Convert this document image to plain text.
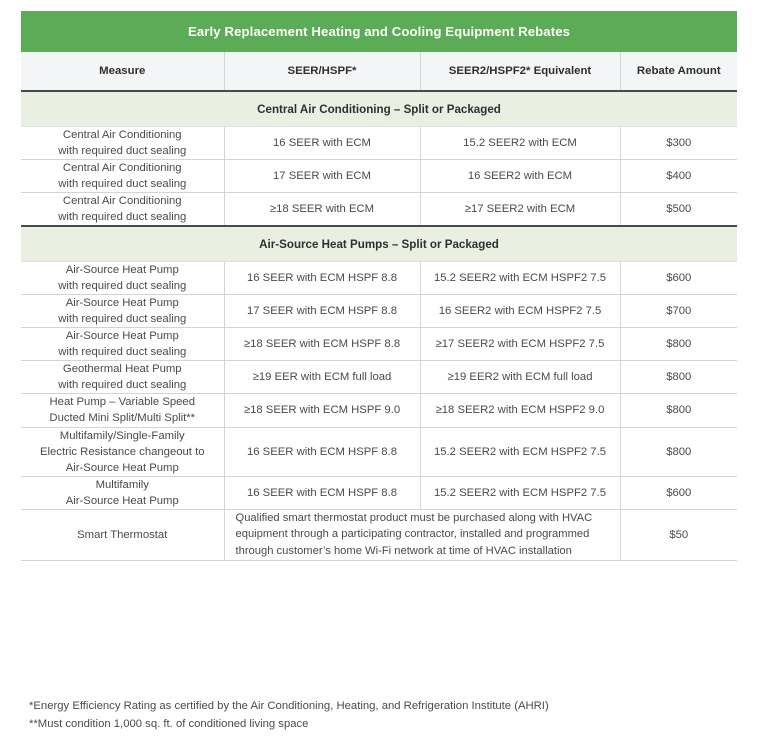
Early Replacement Heating and Cooling Equipment Rebates			
Measure	SEER/HSPF*	SEER2/HSPF2* Equivalent	Rebate Amount
Central Air Conditioning – Split or Packaged			

Central Air Conditioning
with required duct sealing	16 SEER with ECM	15.2 SEER2 with ECM	$300

Central Air Conditioning
with required duct sealing	17 SEER with ECM	16 SEER2 with ECM	$400

Central Air Conditioning
with required duct sealing	≥18 SEER with ECM	≥17 SEER2 with ECM	$500
Air-Source Heat Pumps – Split or Packaged			

Air-Source Heat Pump
with required duct sealing	16 SEER with ECM HSPF 8.8	15.2 SEER2 with ECM HSPF2 7.5	$600

Air-Source Heat Pump
with required duct sealing	17 SEER with ECM HSPF 8.8	16 SEER2 with ECM HSPF2 7.5	$700

Air-Source Heat Pump
with required duct sealing	≥18 SEER with ECM HSPF 8.8	≥17 SEER2 with ECM HSPF2 7.5	$800

Geothermal Heat Pump
with required duct sealing	≥19 EER with ECM full load	≥19 EER2 with ECM full load	$800

Heat Pump – Variable Speed
Ducted Mini Split/Multi Split**	≥18 SEER with ECM HSPF 9.0	≥18 SEER2 with ECM HSPF2 9.0	$800

Multifamily/Single-Family
Electric Resistance changeout to
Air-Source Heat Pump	16 SEER with ECM HSPF 8.8	15.2 SEER2 with ECM HSPF2 7.5	$800

Multifamily
Air-Source Heat Pump	16 SEER with ECM HSPF 8.8	15.2 SEER2 with ECM HSPF2 7.5	$600

Smart Thermostat	Qualified smart thermostat product must be purchased along with HVAC equipment through a participating contractor, installed and programmed through customer’s home Wi-Fi network at time of HVAC installation		$50
*Energy Efficiency Rating as certified by the Air Conditioning, Heating, and Refrigeration Institute (AHRI)
**Must condition 1,000 sq. ft. of conditioned living space
